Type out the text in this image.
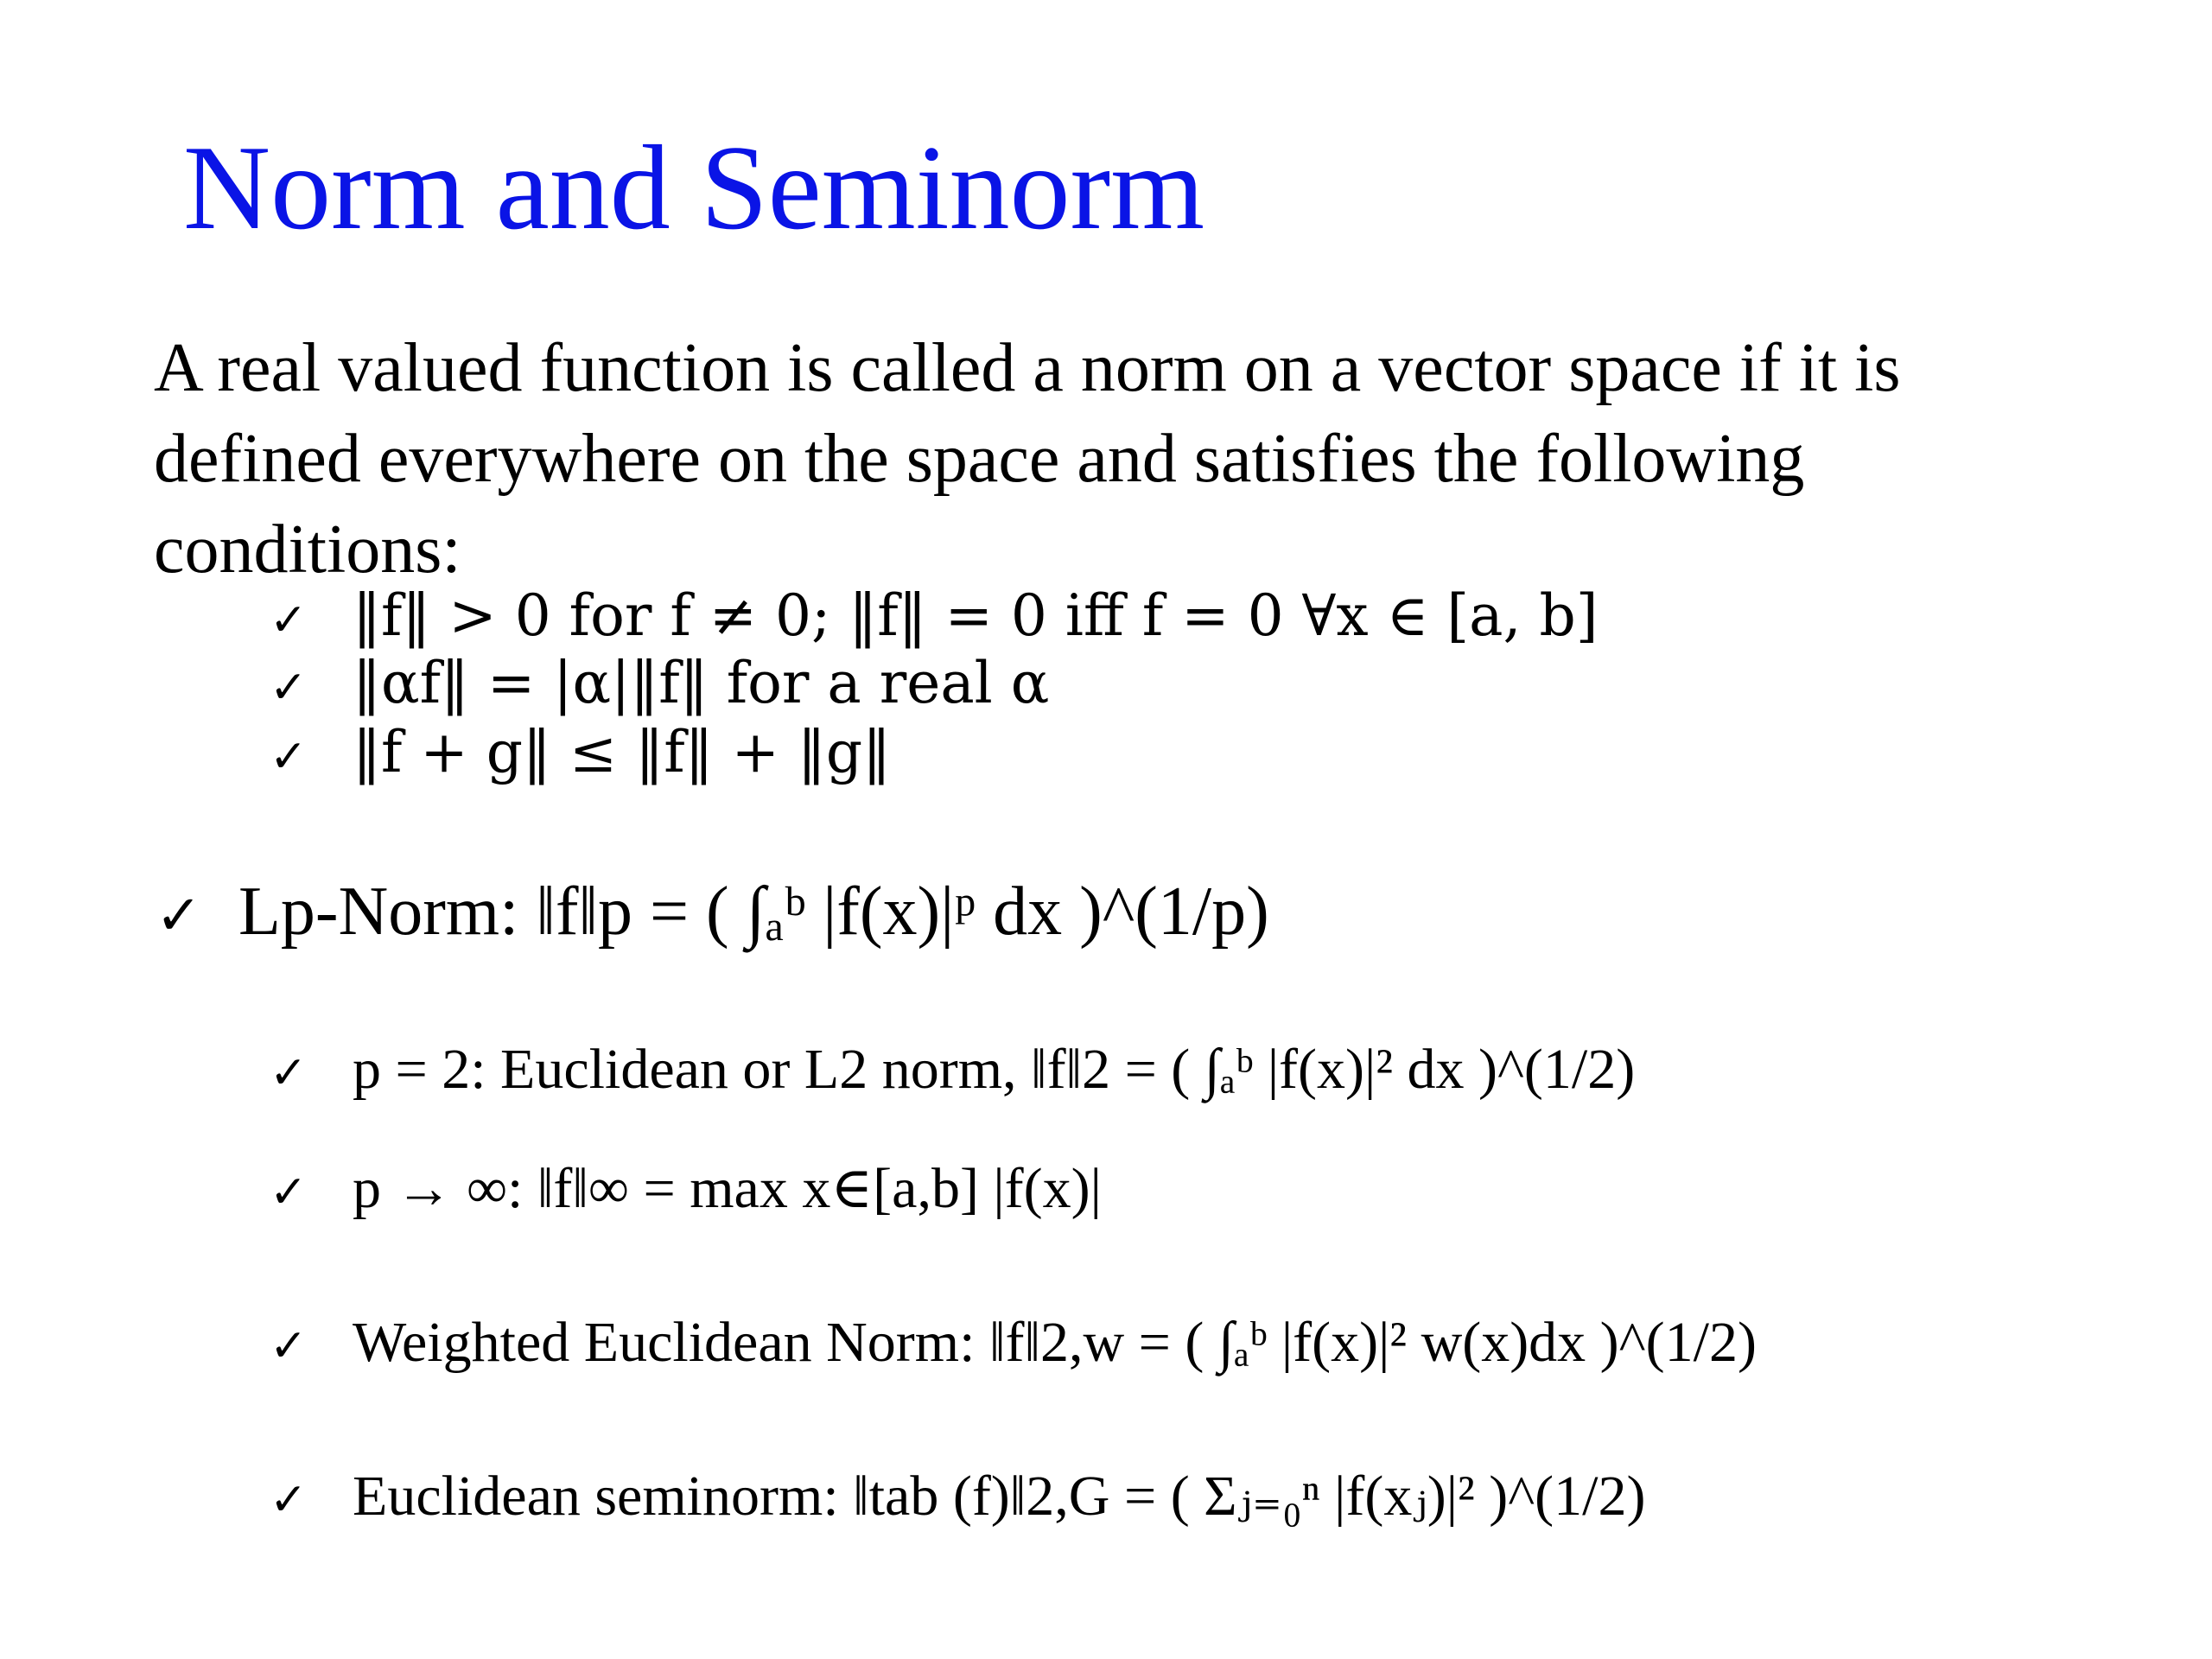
Norm and Seminorm
A real valued function is called a norm on a vector space if it is
defined everywhere on the space and satisfies the following
conditions:
✓ ‖f‖ > 0 for f ≠ 0; ‖f‖ = 0 iff f = 0 ∀x ∈ [a, b]
✓ ‖αf‖ = |α|‖f‖ for a real α
✓ ‖f + g‖ ≤ ‖f‖ + ‖g‖
✓ Lp-Norm: ‖f‖p = ( ∫ₐᵇ |f(x)|ᵖ dx )^(1/p)
✓ p = 2: Euclidean or L2 norm, ‖f‖2 = ( ∫ₐᵇ |f(x)|² dx )^(1/2)
✓ p → ∞: ‖f‖∞ = max x∈[a,b] |f(x)|
✓ Weighted Euclidean Norm: ‖f‖2,w = ( ∫ₐᵇ |f(x)|² w(x)dx )^(1/2)
✓ Euclidean seminorm: ‖tab (f)‖2,G = ( Σⱼ₌₀ⁿ |f(xⱼ)|² )^(1/2)
